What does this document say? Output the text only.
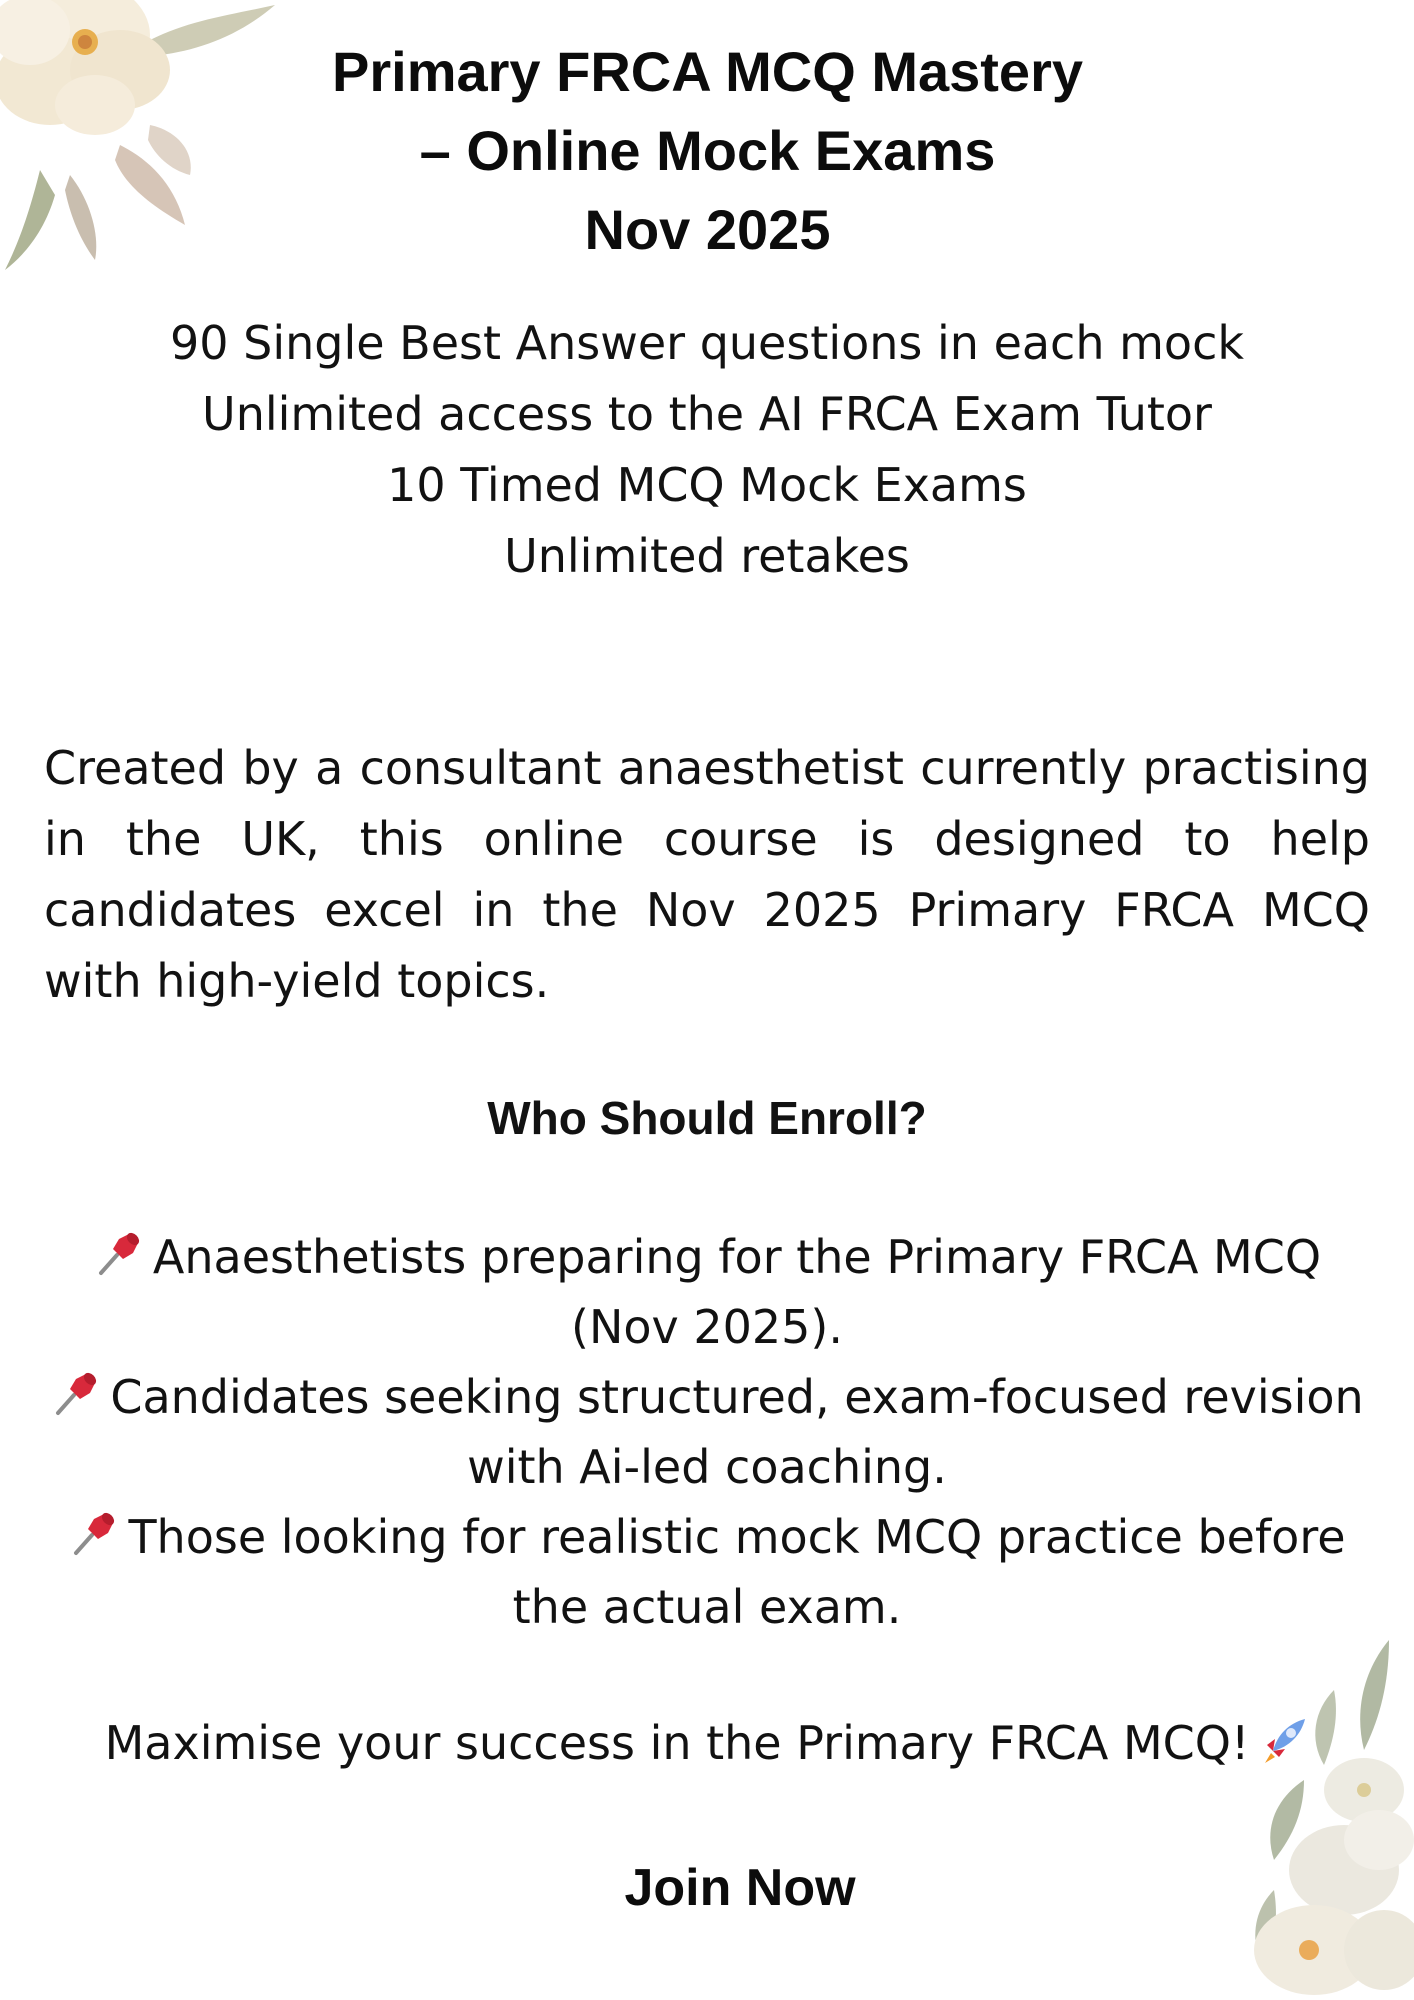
Primary FRCA MCQ Mastery
– Online Mock Exams
Nov 2025
90 Single Best Answer questions in each mock
Unlimited access to the AI FRCA Exam Tutor
10 Timed MCQ Mock Exams
Unlimited retakes

Created by a consultant anaesthetist currently practising in the UK, this online course is designed to help candidates excel in the Nov 2025 Primary FRCA MCQ with high-yield topics.

Who Should Enroll?
Anaesthetists preparing for the Primary FRCA MCQ (Nov 2025).
Candidates seeking structured, exam-focused revision with Ai-led coaching.
Those looking for realistic mock MCQ practice before the actual exam.
Maximise your success in the Primary FRCA MCQ!
Join Now
